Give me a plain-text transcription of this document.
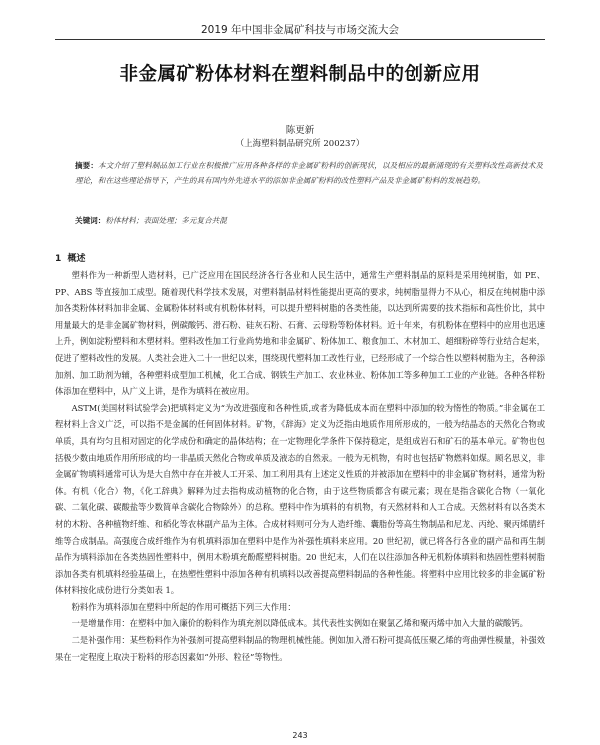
2019 年中国非金属矿科技与市场交流大会
非金属矿粉体材料在塑料制品中的创新应用
陈更新
（上海塑料制品研究所 200237）
摘要：本文介绍了塑料制品加工行业在积极推广应用各种各样的非金属矿粉料的创新现状，以及相应的最新涌现的有关塑料改性高新技术及理论，和在这些理论指导下，产生的具有国内外先进水平的添加非金属矿粉料的改性塑料产品及非金属矿粉料的发展趋势。
关键词：粉体材料；表面处理；多元复合共混
1 概述

塑料作为一种新型人造材料，已广泛应用在国民经济各行各业和人民生活中，通常生产塑料制品的原料是采用纯树脂，如 PE、PP、ABS 等直接加工成型。随着现代科学技术发展，对塑料制品材料性能提出更高的要求，纯树脂显得力不从心，相反在纯树脂中添加各类粉体材料加非金属、金属粉体材料或有机粉体材料，可以提升塑料树脂的各类性能，以达到所需要的技术指标和高性价比，其中用量最大的是非金属矿物材料，例碳酸钙、滑石粉、硅灰石粉、石膏、云母粉等粉体材料。近十年来，有机粉体在塑料中的应用也迅速上升，例如淀粉塑料和木塑材料。塑料改性加工行业尚势地和非金属矿、粉体加工、粮食加工、木材加工、超细粉碎等行业结合起来，促进了塑料改性的发展。人类社会进入二十一世纪以来，围绕现代塑料加工改性行业，已经形成了一个综合性以塑料树脂为主，各种添加剂、加工助剂为辅，各种塑料成型加工机械，化工合成、钢铁生产加工、农业林业、粉体加工等多种加工工业的产业链。各种各样粉体添加在塑料中，从广义上讲，是作为填料在被应用。

ASTM(美国材料试验学会)把填料定义为“为改进强度和各种性质,或者为降低成本而在塑料中添加的较为惰性的物质。”非金属在工程材料上含义广泛，可以指不是金属的任何固体材料。矿物，《辞海》定义为泛指由地质作用所形成的，一般为结晶态的天然化合物或单质，具有均匀且相对固定的化学成份和确定的晶体结构；在一定物理化学条件下保持稳定，是组成岩石和矿石的基本单元。矿物也包括极少数由地质作用所形成的均一非晶质天然化合物或单质及液态的自然汞。一般为无机物，有时也包括矿物燃料如煤。顾名思义，非金属矿物填料通常可认为是大自然中存在并被人工开采、加工利用具有上述定义性质的并被添加在塑料中的非金属矿物材料，通常为粉体。有机（化合）物，《化工辞典》解释为过去指构成动植物的化合物，由于这些物质都含有碳元素；现在是指含碳化合物（一氧化碳、二氧化碳、碳酸盐等少数简单含碳化合物除外）的总称。塑料中作为填料的有机物，有天然材料和人工合成。天然材料有以各类木材的木粉、各种植物纤维、和稻化等农林副产品为主体。合成材料则可分为人造纤维、囊脂份等高生物制品和尼龙、丙纶、聚丙烯腈纤维等合成制品。高强度合成纤维作为有机填料添加在塑料中是作为补强性填料来应用。20 世纪初，就已将各行各业的副产品和再生制品作为填料添加在各类热固性塑料中，例用木粉填充酚醛塑料树脂。20 世纪末，人们在以往添加各种无机粉体填料和热固性塑料树脂添加各类有机填料经验基础上，在热塑性塑料中添加各种有机填料以改善提高塑料制品的各种性能。将塑料中应用比较多的非金属矿粉体材料按化成份进行分类如表 1。

粉料作为填料添加在塑料中所起的作用可概括下列三大作用：

一是增量作用：在塑料中加入廉价的粉料作为填充剂以降低成本。其代表性实例如在聚氯乙烯和聚丙烯中加入大量的碳酸钙。

二是补强作用：某些粉料作为补强剂可提高塑料制品的物理机械性能。例如加入滑石粉可提高低压聚乙烯的弯曲弹性模量，补强效果在一定程度上取决于粉料的形态因素如“外形、粒径”等物性。

243
